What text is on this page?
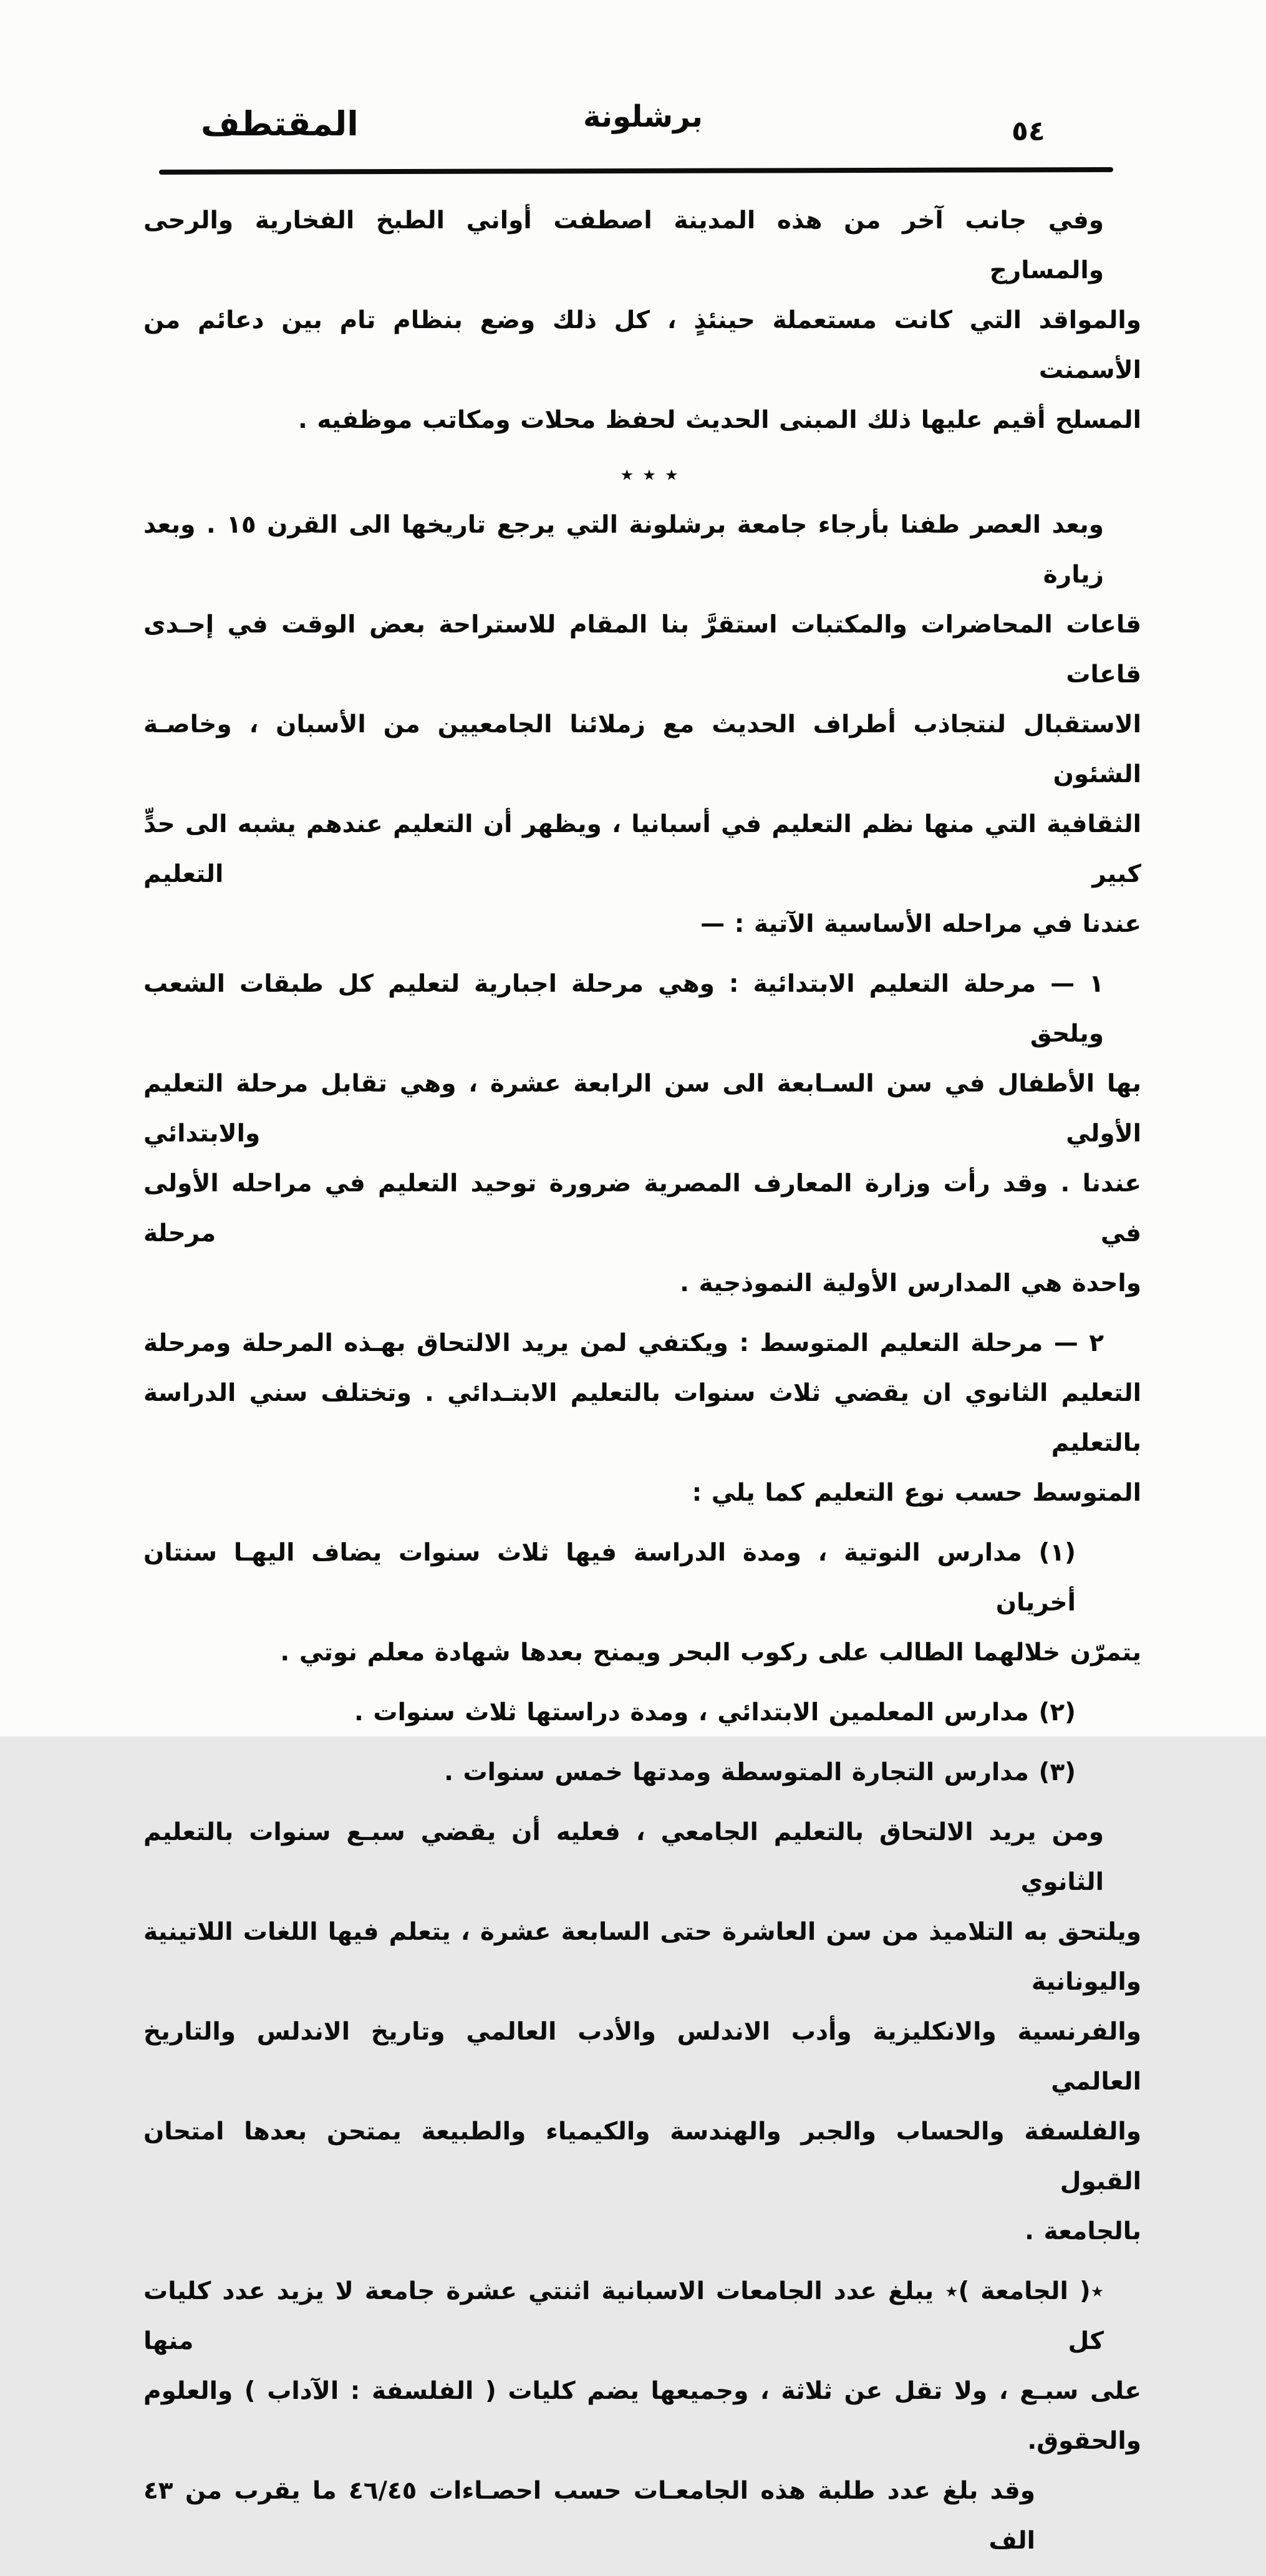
المقتطف	برشلونة	٥٤
وفي جانب آخر من هذه المدينة اصطفت أواني الطبخ الفخارية والرحى والمسارج
والمواقد التي كانت مستعملة حينئذٍ ، كل ذلك وضع بنظام تام بين دعائم من الأسمنت
المسلح أقيم عليها ذلك المبنى الحديث لحفظ محلات ومكاتب موظفيه .
٭ ٭ ٭
وبعد العصر طفنا بأرجاء جامعة برشلونة التي يرجع تاريخها الى القرن ١٥ . وبعد زيارة
قاعات المحاضرات والمكتبات استقرَّ بنا المقام للاستراحة بعض الوقت في إحـدى قاعات
الاستقبال لنتجاذب أطراف الحديث مع زملائنا الجامعيين من الأسبان ، وخاصـة الشئون
الثقافية التي منها نظم التعليم في أسبانيا ، ويظهر أن التعليم عندهم يشبه الى حدٍّ كبير التعليم
عندنا في مراحله الأساسية الآتية : —
١ — مرحلة التعليم الابتدائية : وهي مرحلة اجبارية لتعليم كل طبقات الشعب ويلحق
بها الأطفال في سن السـابعة الى سن الرابعة عشرة ، وهي تقابل مرحلة التعليم الأولي والابتدائي
عندنا . وقد رأت وزارة المعارف المصرية ضرورة توحيد التعليم في مراحله الأولى في مرحلة
واحدة هي المدارس الأولية النموذجية .
٢ — مرحلة التعليم المتوسط : ويكتفي لمن يريد الالتحاق بهـذه المرحلة ومرحلة
التعليم الثانوي ان يقضي ثلاث سنوات بالتعليم الابتـدائي . وتختلف سني الدراسة بالتعليم
المتوسط حسب نوع التعليم كما يلي :
(١) مدارس النوتية ، ومدة الدراسة فيها ثلاث سنوات يضاف اليهـا سنتان أخريان
يتمرّن خلالهما الطالب على ركوب البحر ويمنح بعدها شهادة معلم نوتي .
(٢) مدارس المعلمين الابتدائي ، ومدة دراستها ثلاث سنوات .
(٣) مدارس التجارة المتوسطة ومدتها خمس سنوات .
ومن يريد الالتحاق بالتعليم الجامعي ، فعليه أن يقضي سبـع سنوات بالتعليم الثانوي
ويلتحق به التلاميذ من سن العاشرة حتى السابعة عشرة ، يتعلم فيها اللغات اللاتينية واليونانية
والفرنسية والانكليزية وأدب الاندلس والأدب العالمي وتاريخ الاندلس والتاريخ العالمي
والفلسفة والحساب والجبر والهندسة والكيمياء والطبيعة يمتحن بعدها امتحان القبول
بالجامعة .
٭( الجامعة )٭ يبلغ عدد الجامعات الاسبانية اثنتي عشرة جامعة لا يزيد عدد كليات كل منها
على سبـع ، ولا تقل عن ثلاثة ، وجميعها يضم كليات ( الفلسفة : الآداب ) والعلوم والحقوق.
وقد بلغ عدد طلبة هذه الجامعـات حسب احصـاءات ٤٦/٤٥ ما يقرب من ٤٣ الف
